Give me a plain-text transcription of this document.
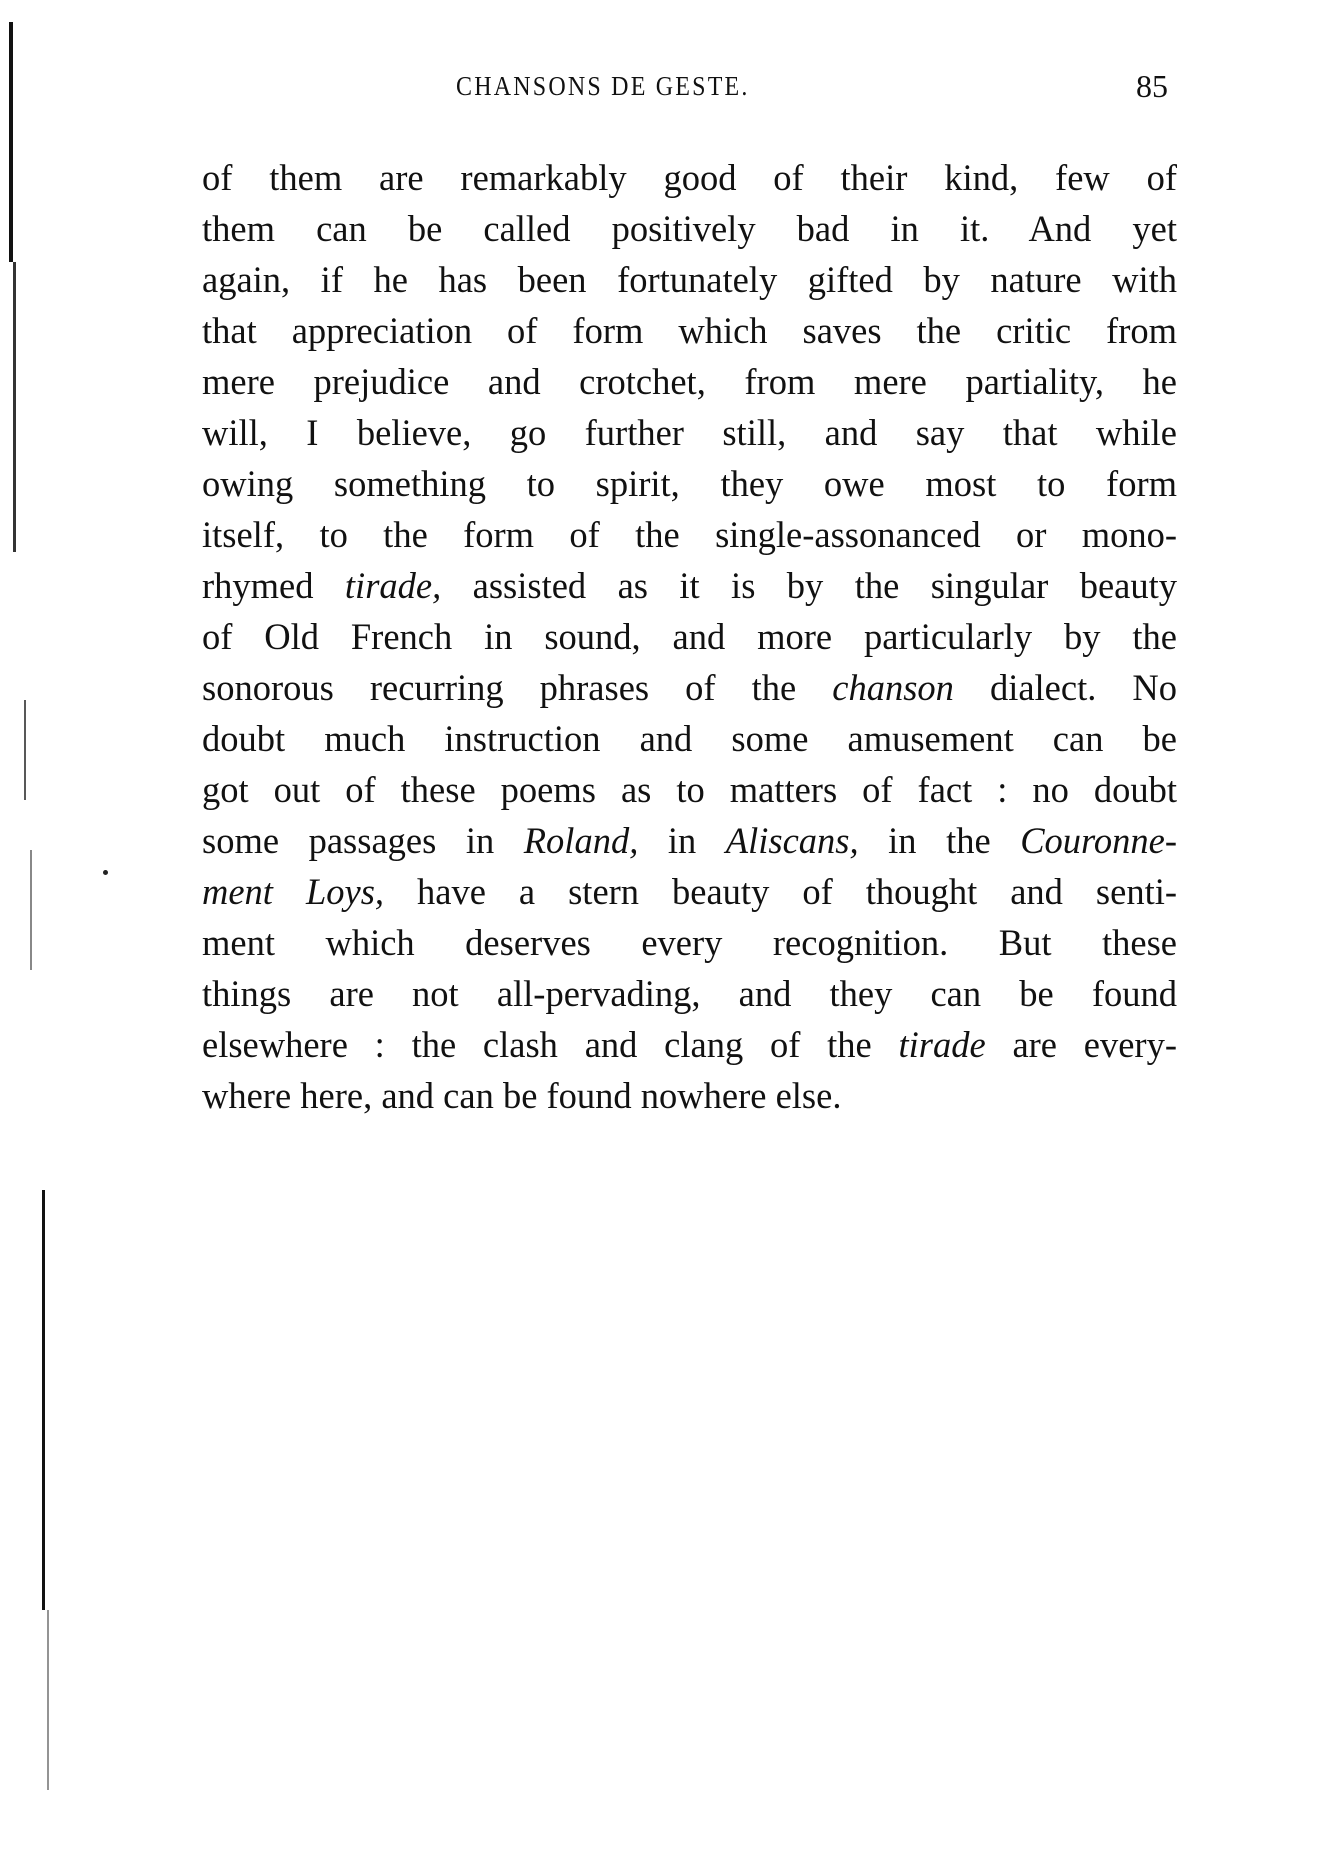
CHANSONS DE GESTE.	85
of them are remarkably good of their kind, few of
them can be called positively bad in it. And yet
again, if he has been fortunately gifted by nature with
that appreciation of form which saves the critic from
mere prejudice and crotchet, from mere partiality, he
will, I believe, go further still, and say that while
owing something to spirit, they owe most to form
itself, to the form of the single-assonanced or mono-
rhymed tirade, assisted as it is by the singular beauty
of Old French in sound, and more particularly by the
sonorous recurring phrases of the chanson dialect. No
doubt much instruction and some amusement can be
got out of these poems as to matters of fact : no doubt
some passages in Roland, in Aliscans, in the Couronne-
ment Loys, have a stern beauty of thought and senti-
ment which deserves every recognition. But these
things are not all-pervading, and they can be found
elsewhere : the clash and clang of the tirade are every-
where here, and can be found nowhere else.
